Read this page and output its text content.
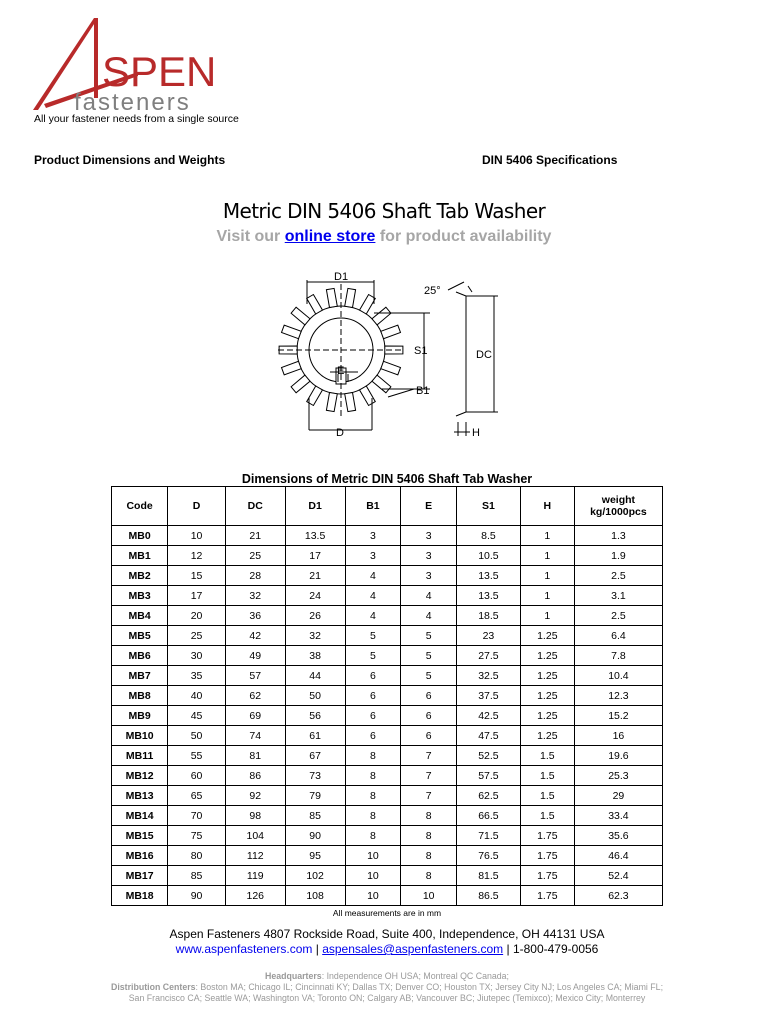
SPEN
fasteners
All your fastener needs from a single source
Product Dimensions and Weights	DIN 5406 Specifications
Metric DIN 5406 Shaft Tab Washer
Visit our online store for product availability
D1
25°
S1	DC
E
B1
D	H
Dimensions of Metric DIN 5406 Shaft Tab Washer
Code	D	DC	D1	B1	E	S1	H	weight kg/1000pcs
MB0	10	21	13.5	3	3	8.5	1	1.3
MB1	12	25	17	3	3	10.5	1	1.9
MB2	15	28	21	4	3	13.5	1	2.5
MB3	17	32	24	4	4	13.5	1	3.1
MB4	20	36	26	4	4	18.5	1	2.5
MB5	25	42	32	5	5	23	1.25	6.4
MB6	30	49	38	5	5	27.5	1.25	7.8
MB7	35	57	44	6	5	32.5	1.25	10.4
MB8	40	62	50	6	6	37.5	1.25	12.3
MB9	45	69	56	6	6	42.5	1.25	15.2
MB10	50	74	61	6	6	47.5	1.25	16
MB11	55	81	67	8	7	52.5	1.5	19.6
MB12	60	86	73	8	7	57.5	1.5	25.3
MB13	65	92	79	8	7	62.5	1.5	29
MB14	70	98	85	8	8	66.5	1.5	33.4
MB15	75	104	90	8	8	71.5	1.75	35.6
MB16	80	112	95	10	8	76.5	1.75	46.4
MB17	85	119	102	10	8	81.5	1.75	52.4
MB18	90	126	108	10	10	86.5	1.75	62.3
All measurements are in mm
Aspen Fasteners 4807 Rockside Road, Suite 400, Independence, OH 44131 USA
www.aspenfasteners.com | aspensales@aspenfasteners.com | 1-800-479-0056
Headquarters: Independence OH USA; Montreal QC Canada;
Distribution Centers: Boston MA; Chicago IL; Cincinnati KY; Dallas TX; Denver CO; Houston TX; Jersey City NJ; Los Angeles CA; Miami FL;
San Francisco CA; Seattle WA; Washington VA; Toronto ON; Calgary AB; Vancouver BC; Jiutepec (Temixco); Mexico City; Monterrey
